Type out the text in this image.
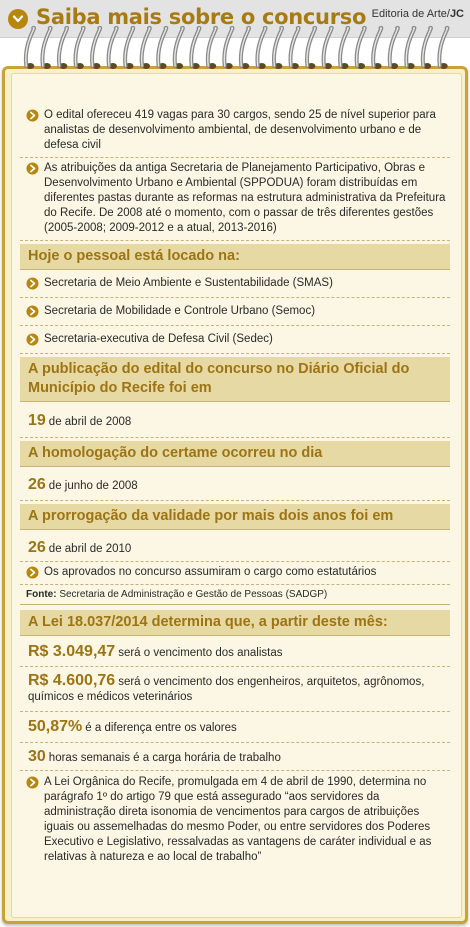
Saiba mais sobre o concurso Editoria de Arte/JC
O edital ofereceu 419 vagas para 30 cargos, sendo 25 de nível superior para analistas de desenvolvimento ambiental, de desenvolvimento urbano e de defesa civil
As atribuições da antiga Secretaria de Planejamento Participativo, Obras e Desenvolvimento Urbano e Ambiental (SPPODUA) foram distribuídas em diferentes pastas durante as reformas na estrutura administrativa da Prefeitura do Recife. De 2008 até o momento, com o passar de três diferentes gestões (2005-2008; 2009-2012 e a atual, 2013-2016)
Hoje o pessoal está locado na:
Secretaria de Meio Ambiente e Sustentabilidade (SMAS)
Secretaria de Mobilidade e Controle Urbano (Semoc)
Secretaria-executiva de Defesa Civil (Sedec)
A publicação do edital do concurso no Diário Oficial do Município do Recife foi em
19 de abril de 2008
A homologação do certame ocorreu no dia
26 de junho de 2008
A prorrogação da validade por mais dois anos foi em
26 de abril de 2010
Os aprovados no concurso assumiram o cargo como estatutários
Fonte: Secretaria de Administração e Gestão de Pessoas (SADGP)
A Lei 18.037/2014 determina que, a partir deste mês:
R$ 3.049,47 será o vencimento dos analistas
R$ 4.600,76 será o vencimento dos engenheiros, arquitetos, agrônomos, químicos e médicos veterinários
50,87% é a diferença entre os valores
30 horas semanais é a carga horária de trabalho
A Lei Orgânica do Recife, promulgada em 4 de abril de 1990, determina no parágrafo 1º do artigo 79 que está assegurado “aos servidores da administração direta isonomia de vencimentos para cargos de atribuições iguais ou assemelhadas do mesmo Poder, ou entre servidores dos Poderes Executivo e Legislativo, ressalvadas as vantagens de caráter individual e as relativas à natureza e ao local de trabalho”
